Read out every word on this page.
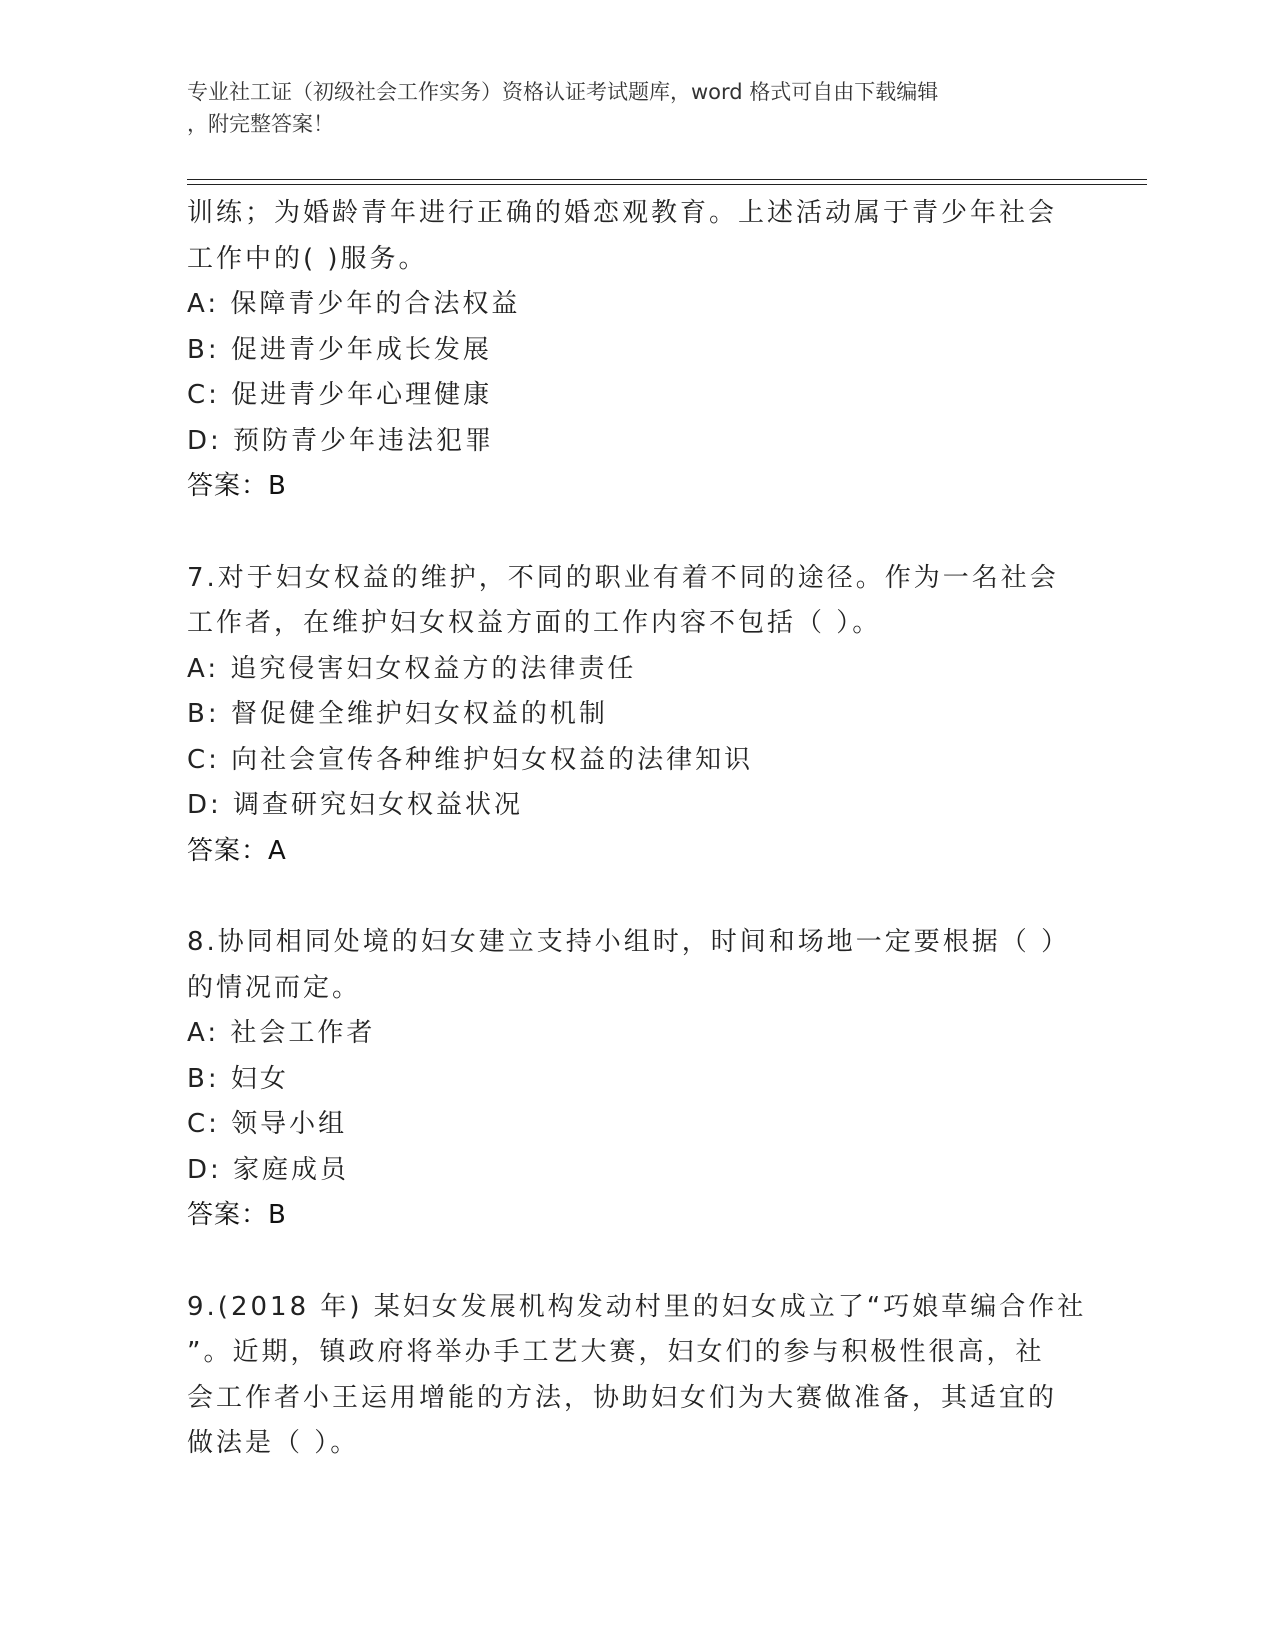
专业社工证（初级社会工作实务）资格认证考试题库，word 格式可自由下载编辑
，附完整答案！
训练；为婚龄青年进行正确的婚恋观教育。上述活动属于青少年社会
工作中的( )服务。
A: 保障青少年的合法权益
B: 促进青少年成长发展
C: 促进青少年心理健康
D: 预防青少年违法犯罪
答案：B
7.对于妇女权益的维护，不同的职业有着不同的途径。作为一名社会
工作者，在维护妇女权益方面的工作内容不包括（ ）。
A: 追究侵害妇女权益方的法律责任
B: 督促健全维护妇女权益的机制
C: 向社会宣传各种维护妇女权益的法律知识
D: 调查研究妇女权益状况
答案：A
8.协同相同处境的妇女建立支持小组时，时间和场地一定要根据（ ）
的情况而定。
A: 社会工作者
B: 妇女
C: 领导小组
D: 家庭成员
答案：B
9.(2018 年) 某妇女发展机构发动村里的妇女成立了“巧娘草编合作社
”。近期，镇政府将举办手工艺大赛，妇女们的参与积极性很高，社
会工作者小王运用增能的方法，协助妇女们为大赛做准备，其适宜的
做法是（ ）。
